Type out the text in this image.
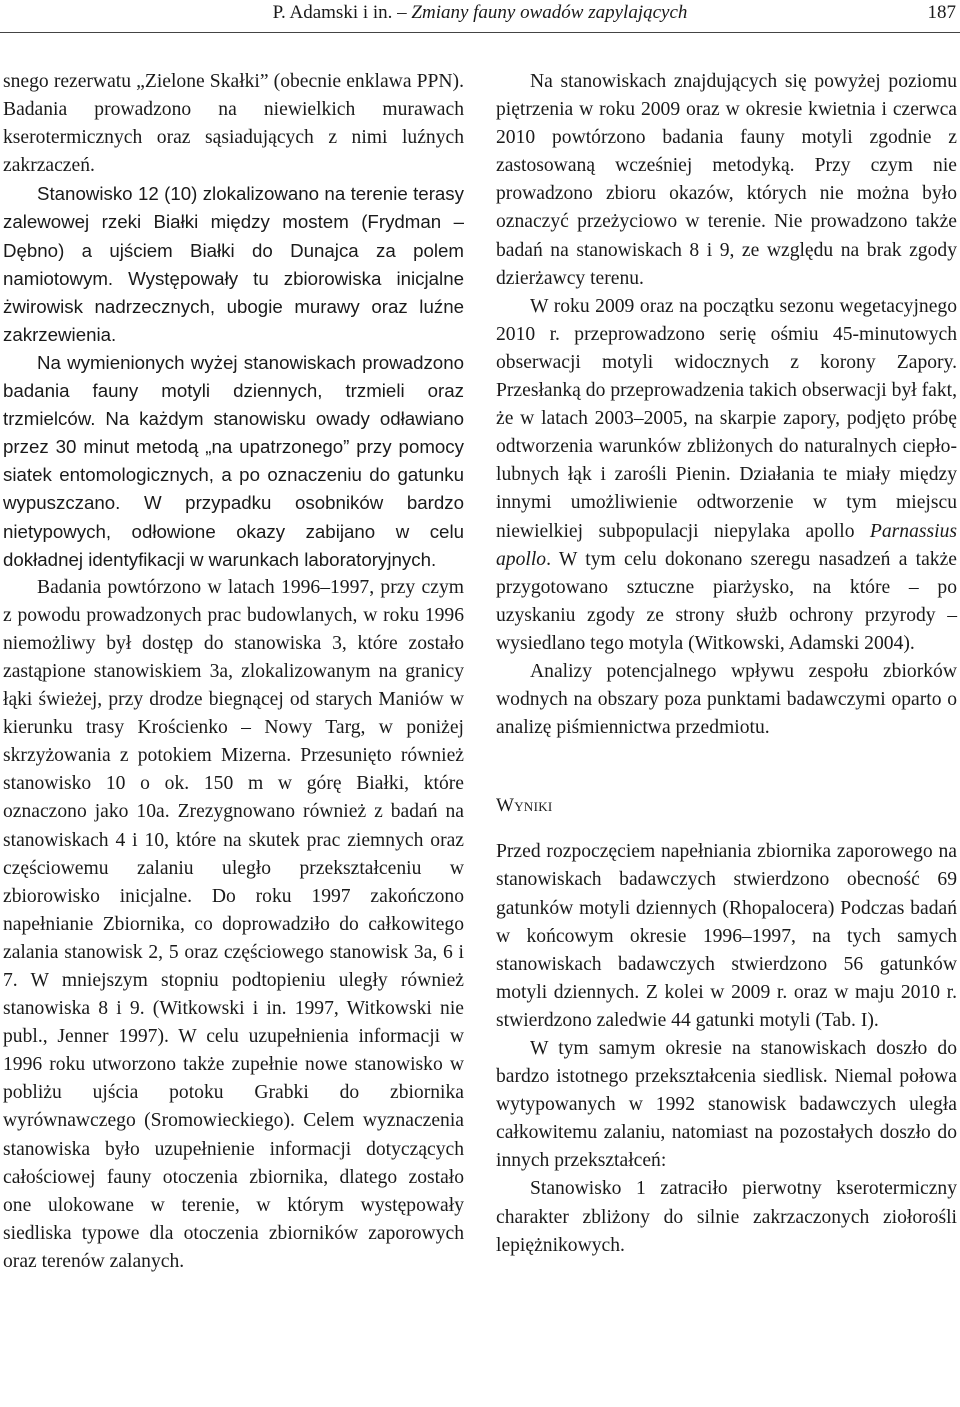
P. Adamski i in. – Zmiany fauny owadów zapylających	187

snego rezerwatu „Zielone Skałki” (obecnie enklawa PPN). Badania prowadzono na niewielkich murawach kserotermicznych oraz sąsiadujących z nimi luźnych zakrzaczeń.

Stanowisko 12 (10) zlokalizowano na terenie terasy zalewowej rzeki Białki między mostem (Frydman – Dębno) a ujściem Białki do Dunajca za polem namiotowym. Występowały tu zbiorowiska inicjalne żwirowisk nadrzecznych, ubogie murawy oraz luźne zakrzewienia.

Na wymienionych wyżej stanowiskach prowadzono badania fauny motyli dziennych, trzmieli oraz trzmielców. Na każdym stanowisku owady odławiano przez 30 minut metodą „na upatrzonego” przy pomocy siatek entomologicznych, a po oznaczeniu do gatunku wypuszczano. W przypadku osobników bardzo nietypowych, odłowione okazy zabijano w celu dokładnej identyfikacji w warunkach laboratoryjnych.

Badania powtórzono w latach 1996–1997, przy czym z powodu prowadzonych prac budowlanych, w roku 1996 niemożliwy był dostęp do stanowiska 3, które zostało zastąpione stanowiskiem 3a, zlokalizowanym na granicy łąki świeżej, przy drodze biegnącej od starych Maniów w kierunku trasy Krościenko – Nowy Targ, w poniżej skrzyżowania z potokiem Mizerna. Przesunięto również stanowisko 10 o ok. 150 m w górę Białki, które oznaczono jako 10a. Zrezygnowano również z badań na stanowiskach 4 i 10, które na skutek prac ziemnych oraz częściowemu zalaniu uległo przekształceniu w zbiorowisko inicjalne. Do roku 1997 zakończono napełnianie Zbiornika, co doprowadziło do całkowitego zalania stanowisk 2, 5 oraz częściowego stanowisk 3a, 6 i 7. W mniejszym stopniu podtopieniu uległy również stanowiska 8 i 9. (Witkowski i in. 1997, Witkowski nie publ., Jenner 1997). W celu uzupełnienia informacji w 1996 roku utworzono także zupełnie nowe stanowisko w pobliżu ujścia potoku Grabki do zbiornika wyrównawczego (Sromowieckiego). Celem wyznaczenia stanowiska było uzupełnienie informacji dotyczących całościowej fauny otoczenia zbiornika, dlatego zostało one ulokowane w terenie, w którym występowały siedliska typowe dla otoczenia zbiorników zaporowych oraz terenów zalanych.

Na stanowiskach znajdujących się powyżej poziomu piętrzenia w roku 2009 oraz w okresie kwietnia i czerwca 2010 powtórzono badania fauny motyli zgodnie z zastosowaną wcześniej metodyką. Przy czym nie prowadzono zbioru okazów, których nie można było oznaczyć przeżyciowo w terenie. Nie prowadzono także badań na stanowiskach 8 i 9, ze względu na brak zgody dzierżawcy terenu.

W roku 2009 oraz na początku sezonu wegetacyjnego 2010 r. przeprowadzono serię ośmiu 45-minutowych obserwacji motyli widocznych z korony Zapory. Przesłanką do przeprowadzenia takich obserwacji był fakt, że w latach 2003–2005, na skarpie zapory, podjęto próbę odtworzenia warunków zbliżonych do naturalnych ciepłolubnych łąk i zarośli Pienin. Działania te miały między innymi umożliwienie odtworzenie w tym miejscu niewielkiej subpopulacji niepylaka apollo Parnassius apollo. W tym celu dokonano szeregu nasadzeń a także przygotowano sztuczne piarżysko, na które – po uzyskaniu zgody ze strony służb ochrony przyrody – wysiedlano tego motyla (Witkowski, Adamski 2004).

Analizy potencjalnego wpływu zespołu zbiorków wodnych na obszary poza punktami badawczymi oparto o analizę piśmiennictwa przedmiotu.

Wyniki

Przed rozpoczęciem napełniania zbiornika zaporowego na stanowiskach badawczych stwierdzono obecność 69 gatunków motyli dziennych (Rhopalocera) Podczas badań w końcowym okresie 1996–1997, na tych samych stanowiskach badawczych stwierdzono 56 gatunków motyli dziennych. Z kolei w 2009 r. oraz w maju 2010 r. stwierdzono zaledwie 44 gatunki motyli (Tab. I).

W tym samym okresie na stanowiskach doszło do bardzo istotnego przekształcenia siedlisk. Niemal połowa wytypowanych w 1992 stanowisk badawczych uległa całkowitemu zalaniu, natomiast na pozostałych doszło do innych przekształceń:

Stanowisko 1 zatraciło pierwotny kserotermiczny charakter zbliżony do silnie zakrzaczonych ziołorośli lepiężnikowych.
